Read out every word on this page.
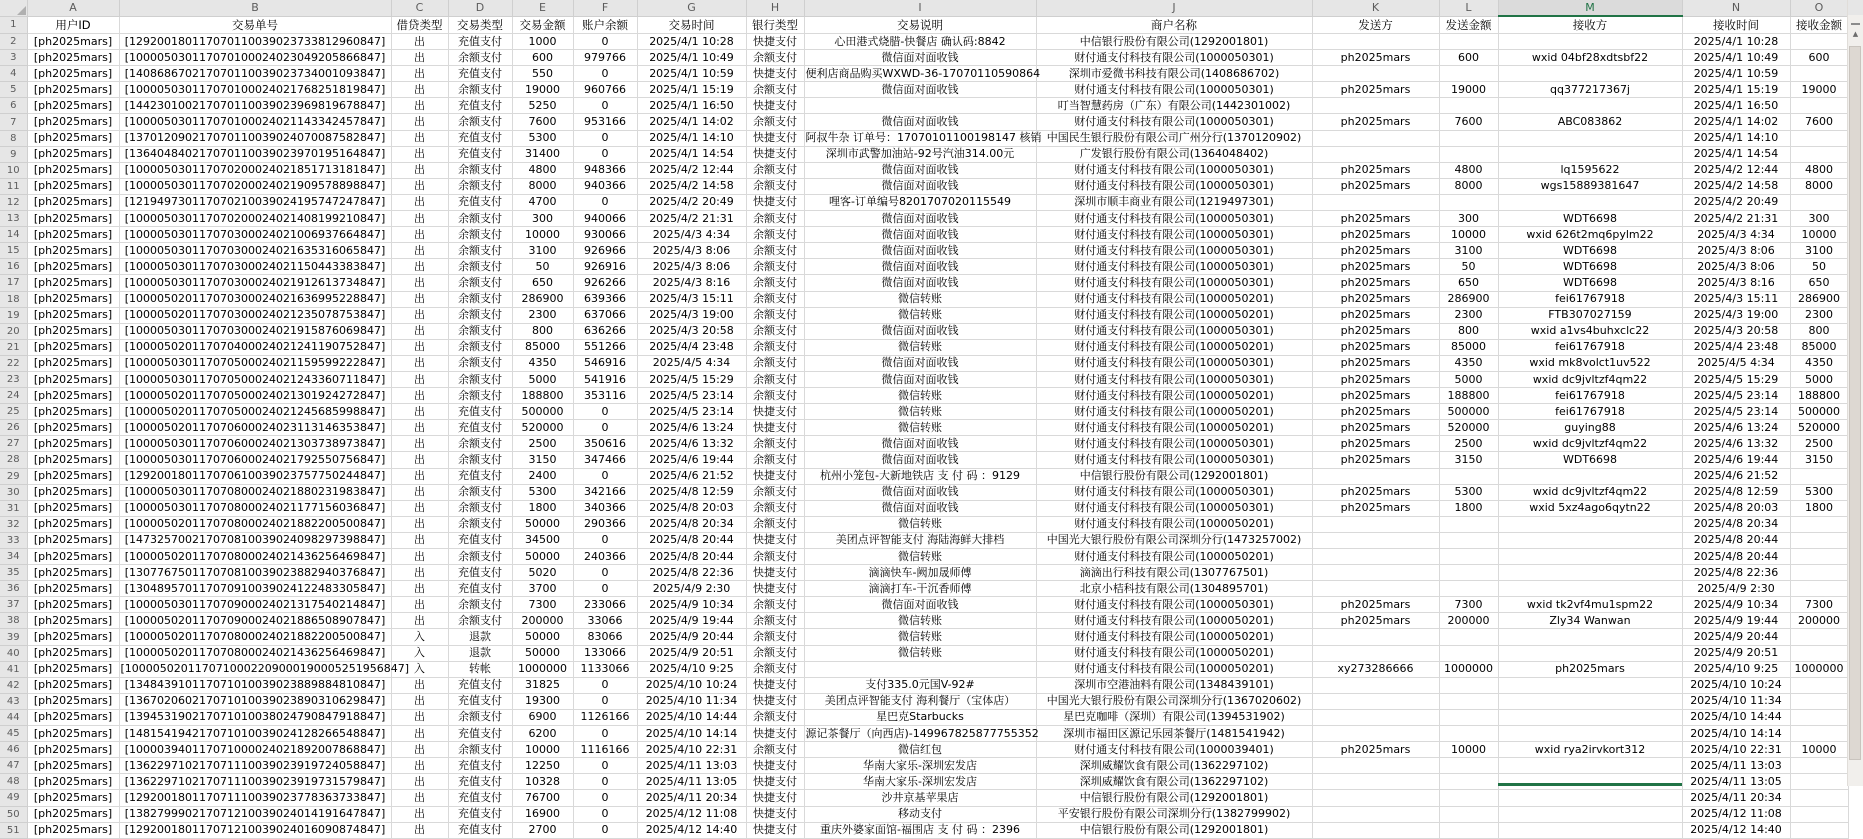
	A	B	C	D	E	F	G	H	I	J	K	L	M	N	O
1	用户ID	交易单号	借贷类型	交易类型	交易金额	账户余额	交易时间	银行类型	交易说明	商户名称	发送方	发送金额	接收方	接收时间	接收金额
2	[ph2025mars]	[129200180117070110039023733812960847]	出	充值支付	1000	0	2025/4/1 10:28	快捷支付	心田港式烧腊-快餐店 确认码:8842	中信银行股份有限公司(1292001801)				2025/4/1 10:28	
3	[ph2025mars]	[100005030117070100024023049205866847]	出	余额支付	600	979766	2025/4/1 10:49	余额支付	微信面对面收钱	财付通支付科技有限公司(1000050301)	ph2025mars	600	wxid 04bf28xdtsbf22	2025/4/1 10:49	600
4	[ph2025mars]	[140868670217070110039023734001093847]	出	充值支付	550	0	2025/4/1 10:59	快捷支付	便利店商品购买WXWD-36-17070110590864	深圳市爱微书科技有限公司(1408686702)				2025/4/1 10:59	
5	[ph2025mars]	[100005030117070100024021768251819847]	出	余额支付	19000	960766	2025/4/1 15:19	余额支付	微信面对面收钱	财付通支付科技有限公司(1000050301)	ph2025mars	19000	qq377217367j	2025/4/1 15:19	19000
6	[ph2025mars]	[144230100217070110039023969819678847]	出	充值支付	5250	0	2025/4/1 16:50	快捷支付		叮当智慧药房（广东）有限公司(1442301002)				2025/4/1 16:50	
7	[ph2025mars]	[100005030117070100024021143342457847]	出	余额支付	7600	953166	2025/4/1 14:02	余额支付	微信面对面收钱	财付通支付科技有限公司(1000050301)	ph2025mars	7600	ABC083862	2025/4/1 14:02	7600
8	[ph2025mars]	[137012090217070110039024070087582847]	出	充值支付	5300	0	2025/4/1 14:10	快捷支付	阿叔牛杂 订单号：17070101100198147 核销	中国民生银行股份有限公司广州分行(1370120902)				2025/4/1 14:10	
9	[ph2025mars]	[136404840217070110039023970195164847]	出	充值支付	31400	0	2025/4/1 14:54	快捷支付	深圳市武警加油站-92号汽油314.00元	广发银行股份有限公司(1364048402)				2025/4/1 14:54	
10	[ph2025mars]	[100005030117070200024021851713181847]	出	余额支付	4800	948366	2025/4/2 12:44	余额支付	微信面对面收钱	财付通支付科技有限公司(1000050301)	ph2025mars	4800	lq1595622	2025/4/2 12:44	4800
11	[ph2025mars]	[100005030117070200024021909578898847]	出	余额支付	8000	940366	2025/4/2 14:58	余额支付	微信面对面收钱	财付通支付科技有限公司(1000050301)	ph2025mars	8000	wgs15889381647	2025/4/2 14:58	8000
12	[ph2025mars]	[121949730117070210039024195747247847]	出	充值支付	4700	0	2025/4/2 20:49	快捷支付	哩客-订单编号8201707020115549	深圳市顺丰商业有限公司(1219497301)				2025/4/2 20:49	
13	[ph2025mars]	[100005030117070200024021408199210847]	出	余额支付	300	940066	2025/4/2 21:31	余额支付	微信面对面收钱	财付通支付科技有限公司(1000050301)	ph2025mars	300	WDT6698	2025/4/2 21:31	300
14	[ph2025mars]	[100005030117070300024021006937664847]	出	余额支付	10000	930066	2025/4/3 4:34	余额支付	微信面对面收钱	财付通支付科技有限公司(1000050301)	ph2025mars	10000	wxid 626t2mq6pylm22	2025/4/3 4:34	10000
15	[ph2025mars]	[100005030117070300024021635316065847]	出	余额支付	3100	926966	2025/4/3 8:06	余额支付	微信面对面收钱	财付通支付科技有限公司(1000050301)	ph2025mars	3100	WDT6698	2025/4/3 8:06	3100
16	[ph2025mars]	[100005030117070300024021150443383847]	出	余额支付	50	926916	2025/4/3 8:06	余额支付	微信面对面收钱	财付通支付科技有限公司(1000050301)	ph2025mars	50	WDT6698	2025/4/3 8:06	50
17	[ph2025mars]	[100005030117070300024021912613734847]	出	余额支付	650	926266	2025/4/3 8:16	余额支付	微信面对面收钱	财付通支付科技有限公司(1000050301)	ph2025mars	650	WDT6698	2025/4/3 8:16	650
18	[ph2025mars]	[100005020117070300024021636995228847]	出	余额支付	286900	639366	2025/4/3 15:11	余额支付	微信转账	财付通支付科技有限公司(1000050201)	ph2025mars	286900	fei61767918	2025/4/3 15:11	286900
19	[ph2025mars]	[100005020117070300024021235078753847]	出	余额支付	2300	637066	2025/4/3 19:00	余额支付	微信转账	财付通支付科技有限公司(1000050201)	ph2025mars	2300	FTB307027159	2025/4/3 19:00	2300
20	[ph2025mars]	[100005030117070300024021915876069847]	出	余额支付	800	636266	2025/4/3 20:58	余额支付	微信面对面收钱	财付通支付科技有限公司(1000050301)	ph2025mars	800	wxid a1vs4buhxclc22	2025/4/3 20:58	800
21	[ph2025mars]	[100005020117070400024021241190752847]	出	余额支付	85000	551266	2025/4/4 23:48	余额支付	微信转账	财付通支付科技有限公司(1000050201)	ph2025mars	85000	fei61767918	2025/4/4 23:48	85000
22	[ph2025mars]	[100005030117070500024021159599222847]	出	余额支付	4350	546916	2025/4/5 4:34	余额支付	微信面对面收钱	财付通支付科技有限公司(1000050301)	ph2025mars	4350	wxid mk8volct1uv522	2025/4/5 4:34	4350
23	[ph2025mars]	[100005030117070500024021243360711847]	出	余额支付	5000	541916	2025/4/5 15:29	余额支付	微信面对面收钱	财付通支付科技有限公司(1000050301)	ph2025mars	5000	wxid dc9jvltzf4qm22	2025/4/5 15:29	5000
24	[ph2025mars]	[100005020117070500024021301924272847]	出	余额支付	188800	353116	2025/4/5 23:14	余额支付	微信转账	财付通支付科技有限公司(1000050201)	ph2025mars	188800	fei61767918	2025/4/5 23:14	188800
25	[ph2025mars]	[100005020117070500024021245685998847]	出	充值支付	500000	0	2025/4/5 23:14	快捷支付	微信转账	财付通支付科技有限公司(1000050201)	ph2025mars	500000	fei61767918	2025/4/5 23:14	500000
26	[ph2025mars]	[100005020117070600024023113146353847]	出	充值支付	520000	0	2025/4/6 13:24	快捷支付	微信转账	财付通支付科技有限公司(1000050201)	ph2025mars	520000	guying88	2025/4/6 13:24	520000
27	[ph2025mars]	[100005030117070600024021303738973847]	出	余额支付	2500	350616	2025/4/6 13:32	余额支付	微信面对面收钱	财付通支付科技有限公司(1000050301)	ph2025mars	2500	wxid dc9jvltzf4qm22	2025/4/6 13:32	2500
28	[ph2025mars]	[100005030117070600024021792550756847]	出	余额支付	3150	347466	2025/4/6 19:44	余额支付	微信面对面收钱	财付通支付科技有限公司(1000050301)	ph2025mars	3150	WDT6698	2025/4/6 19:44	3150
29	[ph2025mars]	[129200180117070610039023757750244847]	出	充值支付	2400	0	2025/4/6 21:52	快捷支付	杭州小笼包-大新地铁店 支 付 码 ：9129	中信银行股份有限公司(1292001801)				2025/4/6 21:52	
30	[ph2025mars]	[100005030117070800024021880231983847]	出	余额支付	5300	342166	2025/4/8 12:59	余额支付	微信面对面收钱	财付通支付科技有限公司(1000050301)	ph2025mars	5300	wxid dc9jvltzf4qm22	2025/4/8 12:59	5300
31	[ph2025mars]	[100005030117070800024021177156036847]	出	余额支付	1800	340366	2025/4/8 20:03	余额支付	微信面对面收钱	财付通支付科技有限公司(1000050301)	ph2025mars	1800	wxid 5xz4ago6qytn22	2025/4/8 20:03	1800
32	[ph2025mars]	[100005020117070800024021882200500847]	出	余额支付	50000	290366	2025/4/8 20:34	余额支付	微信转账	财付通支付科技有限公司(1000050201)				2025/4/8 20:34	
33	[ph2025mars]	[147325700217070810039024098297398847]	出	充值支付	34500	0	2025/4/8 20:44	快捷支付	美团点评智能支付 海陆海鲜大排档	中国光大银行股份有限公司深圳分行(1473257002)				2025/4/8 20:44	
34	[ph2025mars]	[100005020117070800024021436256469847]	出	余额支付	50000	240366	2025/4/8 20:44	余额支付	微信转账	财付通支付科技有限公司(1000050201)				2025/4/8 20:44	
35	[ph2025mars]	[130776750117070810039023882940376847]	出	充值支付	5020	0	2025/4/8 22:36	快捷支付	滴滴快车-阙加晟师傅	滴滴出行科技有限公司(1307767501)				2025/4/8 22:36	
36	[ph2025mars]	[130489570117070910039024122483305847]	出	充值支付	3700	0	2025/4/9 2:30	快捷支付	滴滴打车-干沉香师傅	北京小桔科技有限公司(1304895701)				2025/4/9 2:30	
37	[ph2025mars]	[100005030117070900024021317540214847]	出	余额支付	7300	233066	2025/4/9 10:34	余额支付	微信面对面收钱	财付通支付科技有限公司(1000050301)	ph2025mars	7300	wxid tk2vf4mu1spm22	2025/4/9 10:34	7300
38	[ph2025mars]	[100005020117070900024021886508907847]	出	余额支付	200000	33066	2025/4/9 19:44	余额支付	微信转账	财付通支付科技有限公司(1000050201)	ph2025mars	200000	Zly34 Wanwan	2025/4/9 19:44	200000
39	[ph2025mars]	[100005020117070800024021882200500847]	入	退款	50000	83066	2025/4/9 20:44	余额支付	微信转账	财付通支付科技有限公司(1000050201)				2025/4/9 20:44	
40	[ph2025mars]	[100005020117070800024021436256469847]	入	退款	50000	133066	2025/4/9 20:51	余额支付	微信转账	财付通支付科技有限公司(1000050201)				2025/4/9 20:51	
41	[ph2025mars]	[1000050201170710002209000190005251956847]	入	转帐	1000000	1133066	2025/4/10 9:25	余额支付		财付通支付科技有限公司(1000050201)	xy273286666	1000000	ph2025mars	2025/4/10 9:25	1000000
42	[ph2025mars]	[134843910117071010039023889884810847]	出	充值支付	31825	0	2025/4/10 10:24	快捷支付	支付335.0元国V-92#	深圳市空港油料有限公司(1348439101)				2025/4/10 10:24	
43	[ph2025mars]	[136702060217071010039023890310629847]	出	充值支付	19300	0	2025/4/10 11:34	快捷支付	美团点评智能支付 海利餐厅（宝体店）	中国光大银行股份有限公司深圳分行(1367020602)				2025/4/10 11:34	
44	[ph2025mars]	[139453190217071010038024790847918847]	出	余额支付	6900	1126166	2025/4/10 14:44	余额支付	星巴克Starbucks	星巴克咖啡（深圳）有限公司(1394531902)				2025/4/10 14:44	
45	[ph2025mars]	[148154194217071010039024128266548847]	出	充值支付	6200	0	2025/4/10 14:14	快捷支付	源记茶餐厅（向西店)-149967825877755352	深圳市福田区源记乐园茶餐厅(1481541942)				2025/4/10 14:14	
46	[ph2025mars]	[100003940117071000024021892007868847]	出	余额支付	10000	1116166	2025/4/10 22:31	余额支付	微信红包	财付通支付科技有限公司(1000039401)	ph2025mars	10000	wxid rya2irvkort312	2025/4/10 22:31	10000
47	[ph2025mars]	[136229710217071110039023919724058847]	出	充值支付	12250	0	2025/4/11 13:03	快捷支付	华南大家乐-深圳宏发店	深圳威耀饮食有限公司(1362297102)				2025/4/11 13:03	
48	[ph2025mars]	[136229710217071110039023919731579847]	出	充值支付	10328	0	2025/4/11 13:05	快捷支付	华南大家乐-深圳宏发店	深圳威耀饮食有限公司(1362297102)				2025/4/11 13:05	
49	[ph2025mars]	[129200180117071110039023778363733847]	出	充值支付	76700	0	2025/4/11 20:34	快捷支付	沙井京基苹果店	中信银行股份有限公司(1292001801)				2025/4/11 20:34	
50	[ph2025mars]	[138279990217071210039024014191647847]	出	充值支付	16900	0	2025/4/12 11:08	快捷支付	移动支付	平安银行股份有限公司深圳分行(1382799902)				2025/4/12 11:08	
51	[ph2025mars]	[129200180117071210039024016090874847]	出	充值支付	2700	0	2025/4/12 14:40	快捷支付	重庆外婆家面馆-福围店 支 付 码 ：2396	中信银行股份有限公司(1292001801)				2025/4/12 14:40	
▲
